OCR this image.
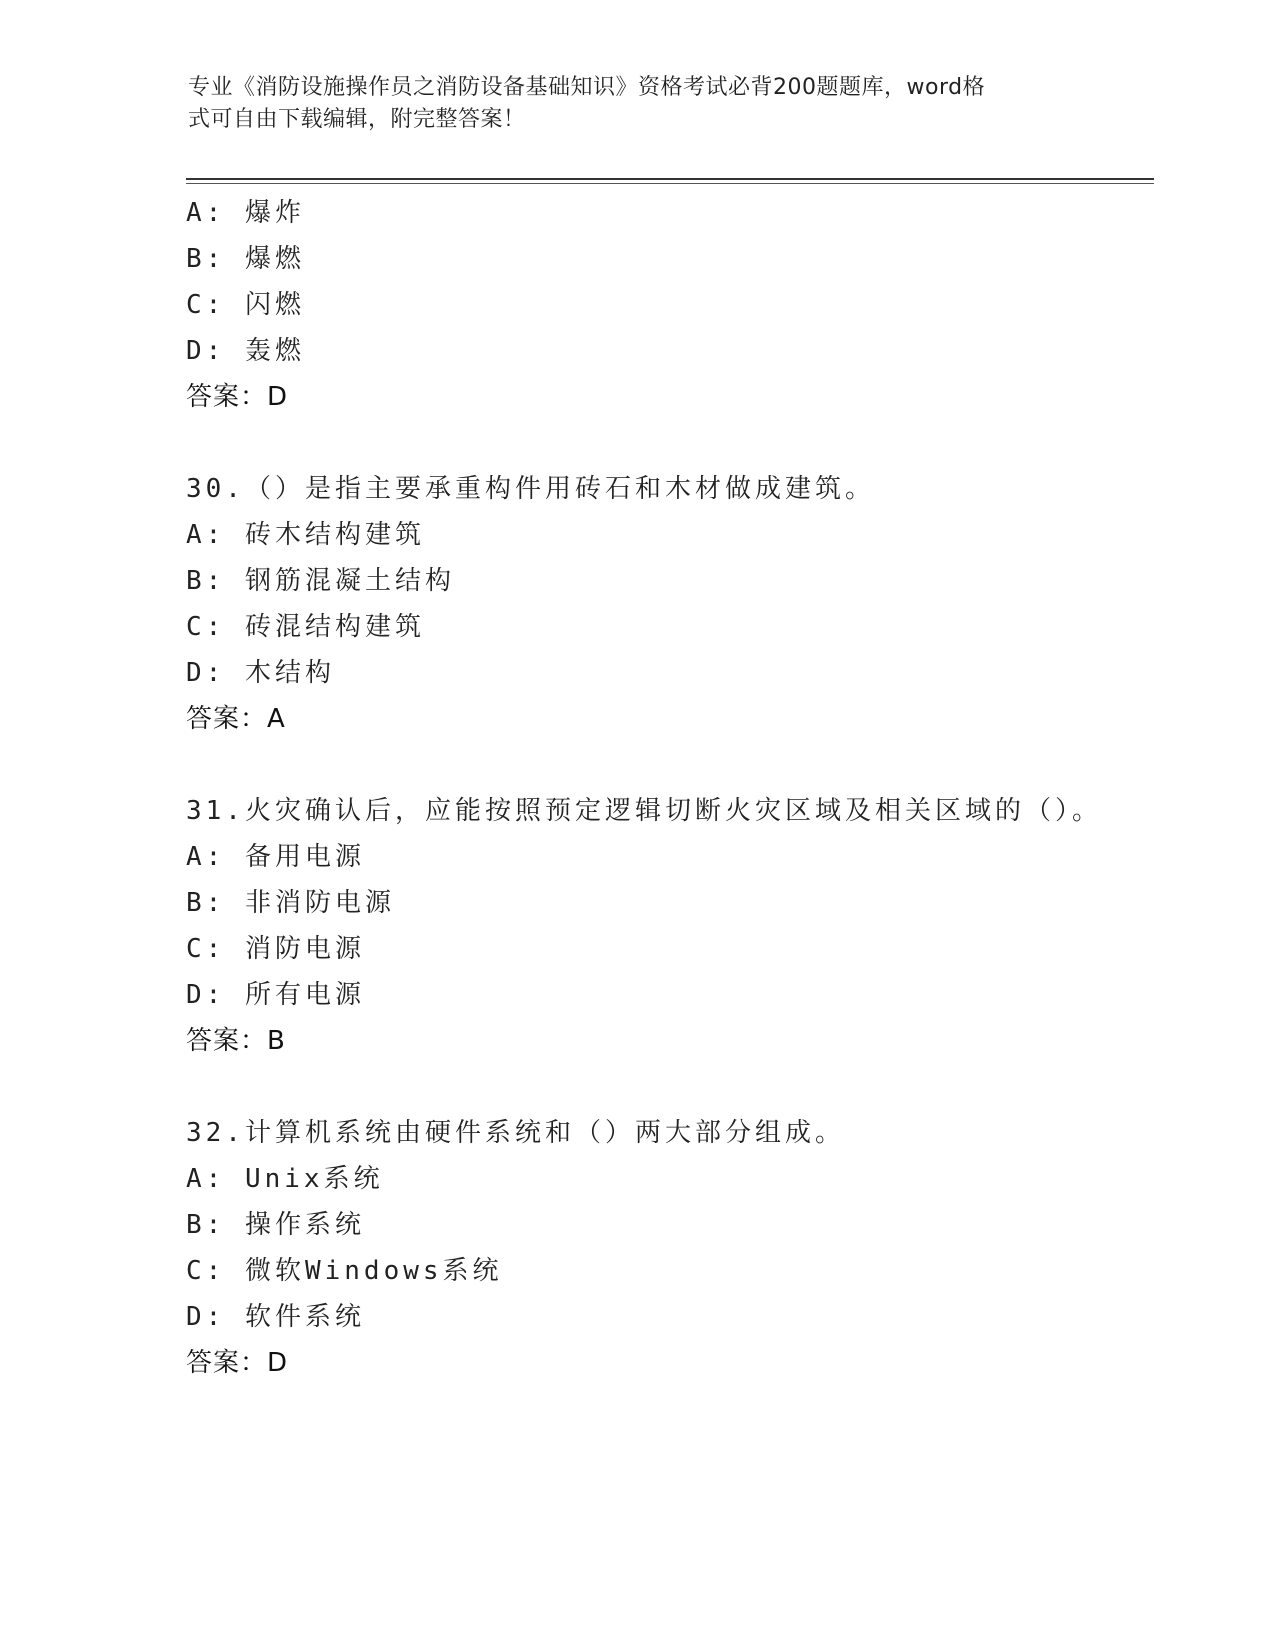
专业《消防设施操作员之消防设备基础知识》资格考试必背200题题库，word格
式可自由下载编辑，附完整答案！
A: 爆炸
B: 爆燃
C: 闪燃
D: 轰燃
答案：D
30.（）是指主要承重构件用砖石和木材做成建筑。
A: 砖木结构建筑
B: 钢筋混凝土结构
C: 砖混结构建筑
D: 木结构
答案：A
31.火灾确认后，应能按照预定逻辑切断火灾区域及相关区域的（）。
A: 备用电源
B: 非消防电源
C: 消防电源
D: 所有电源
答案：B
32.计算机系统由硬件系统和（）两大部分组成。
A: Unix系统
B: 操作系统
C: 微软Windows系统
D: 软件系统
答案：D
